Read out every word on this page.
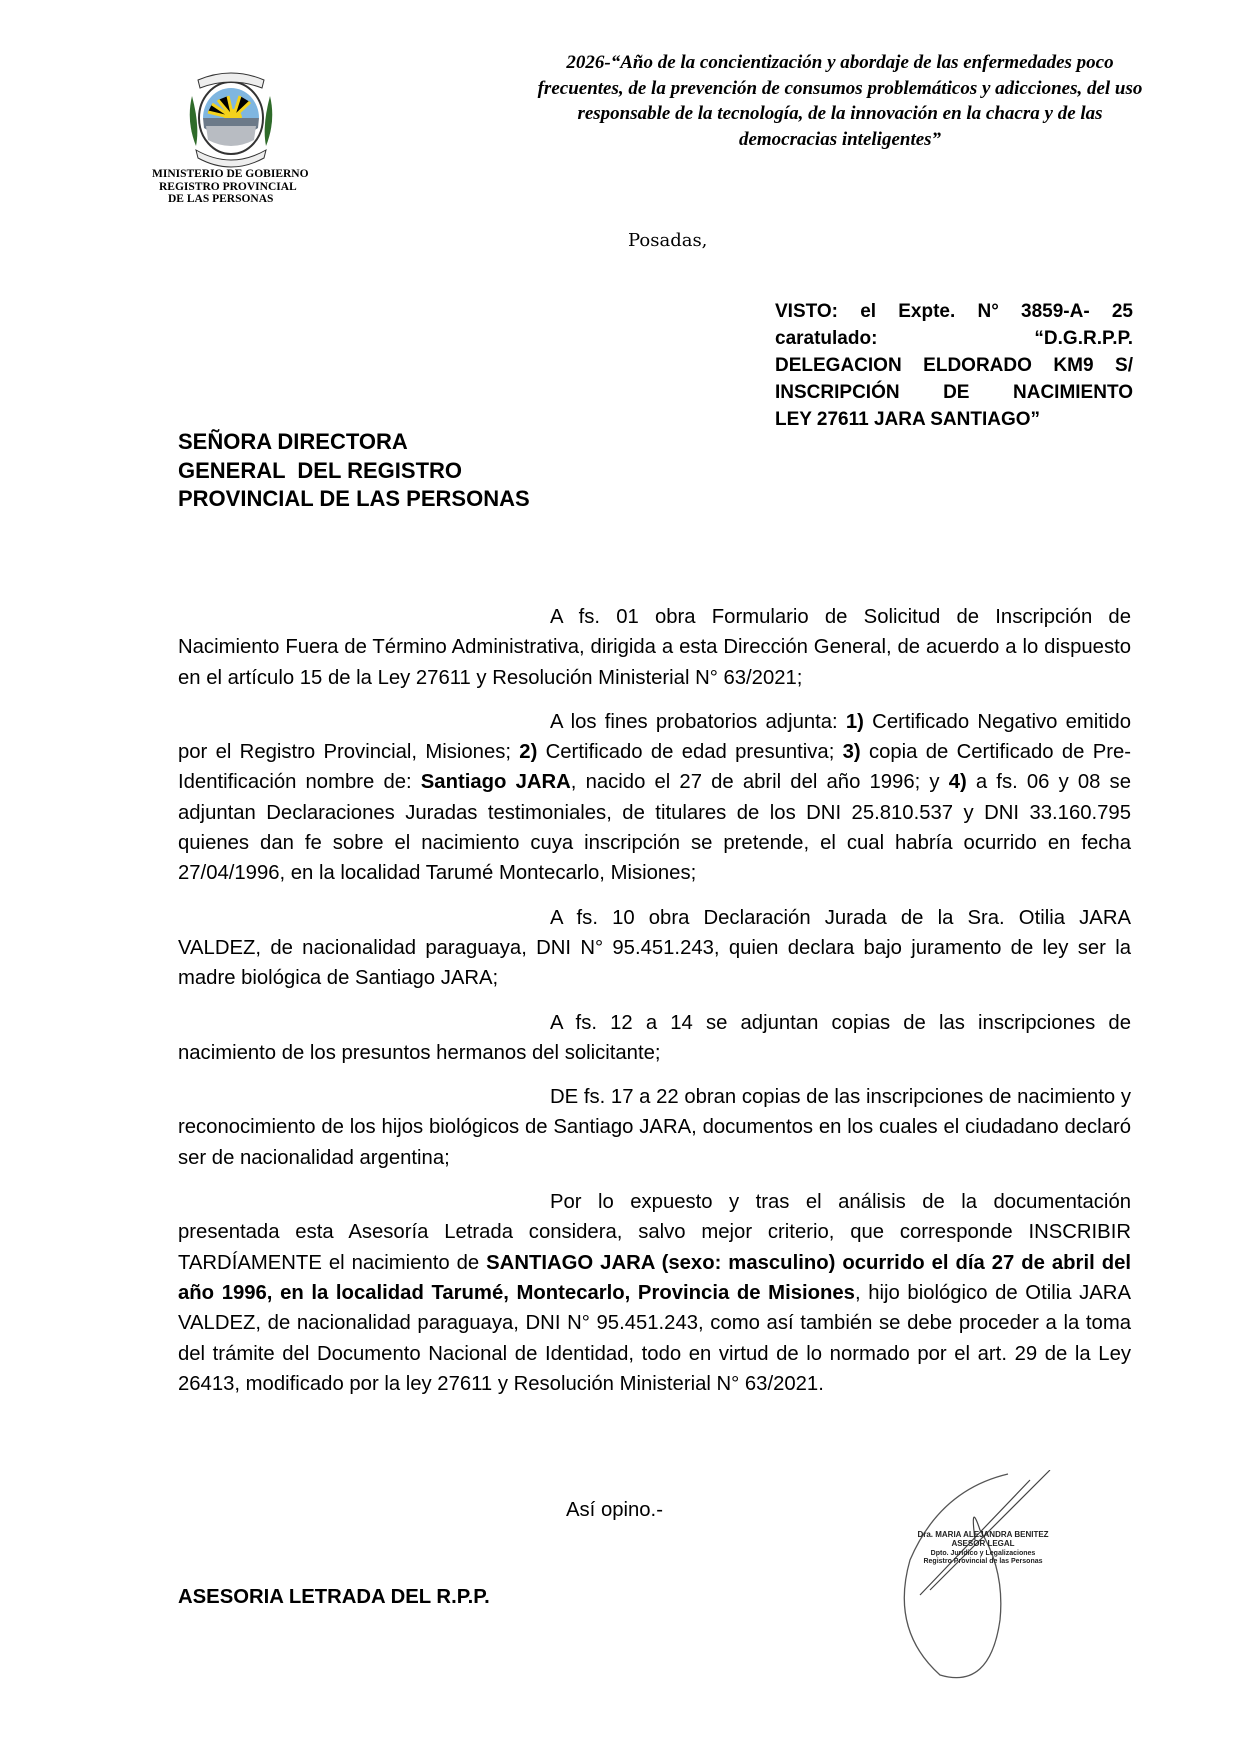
2026-“Año de la concientización y abordaje de las enfermedades poco
frecuentes, de la prevención de consumos problemáticos y adicciones, del uso
responsable de la tecnología, de la innovación en la chacra y de las
democracias inteligentes”
MINISTERIO DE GOBIERNO
REGISTRO PROVINCIAL
DE LAS PERSONAS
Posadas,
VISTO: el Expte. N° 3859-A- 25
caratulado: “D.G.R.P.P.
DELEGACION ELDORADO KM9 S/
INSCRIPCIÓN DE NACIMIENTO
LEY 27611 JARA SANTIAGO”
SEÑORA DIRECTORA
GENERAL  DEL REGISTRO
PROVINCIAL DE LAS PERSONAS

A fs. 01 obra Formulario de Solicitud de Inscripción de Nacimiento Fuera de Término Administrativa, dirigida a esta Dirección General, de acuerdo a lo dispuesto en el artículo 15 de la Ley 27611 y Resolución Ministerial N° 63/2021;

A los fines probatorios adjunta: 1) Certificado Negativo emitido por el Registro Provincial, Misiones; 2) Certificado de edad presuntiva; 3) copia de Certificado de Pre-Identificación nombre de: Santiago JARA, nacido el 27 de abril del año 1996; y 4) a fs. 06 y 08 se adjuntan Declaraciones Juradas testimoniales, de titulares de los DNI 25.810.537 y DNI 33.160.795 quienes dan fe sobre el nacimiento cuya inscripción se pretende, el cual habría ocurrido en fecha 27/04/1996, en la localidad Tarumé Montecarlo, Misiones;

A fs. 10 obra Declaración Jurada de la Sra. Otilia JARA VALDEZ, de nacionalidad paraguaya, DNI N° 95.451.243, quien declara bajo juramento de ley ser la madre biológica de Santiago JARA;

A fs. 12 a 14 se adjuntan copias de las inscripciones de nacimiento de los presuntos hermanos del solicitante;

DE fs. 17 a 22 obran copias de las inscripciones de nacimiento y reconocimiento de los hijos biológicos de Santiago JARA, documentos en los cuales el ciudadano declaró ser de nacionalidad argentina;

Por lo expuesto y tras el análisis de la documentación presentada esta Asesoría Letrada considera, salvo mejor criterio, que corresponde INSCRIBIR TARDÍAMENTE el nacimiento de SANTIAGO JARA (sexo: masculino) ocurrido el día 27 de abril del año 1996, en la localidad Tarumé, Montecarlo, Provincia de Misiones, hijo biológico de Otilia JARA VALDEZ, de nacionalidad paraguaya, DNI N° 95.451.243, como así también se debe proceder a la toma del trámite del Documento Nacional de Identidad, todo en virtud de lo normado por el art. 29 de la Ley 26413, modificado por la ley 27611 y Resolución Ministerial N° 63/2021.

Así opino.-
ASESORIA LETRADA DEL R.P.P.
Dra. MARIA ALEJANDRA BENITEZ
ASESOR LEGAL
Dpto. Jurídico y Legalizaciones
Registro Provincial de las Personas
